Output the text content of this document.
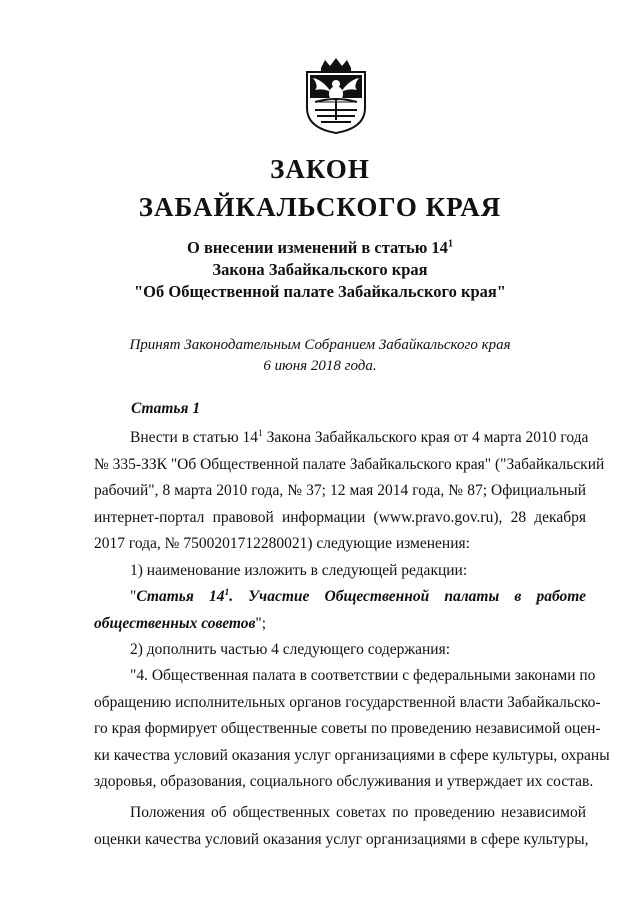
ЗАКОН
ЗАБАЙКАЛЬСКОГО КРАЯ
О внесении изменений в статью $14^1$
Закона Забайкальского края
"Об Общественной палате Забайкальского края"
Принят Законодательным Собранием Забайкальского края
6 июня 2018 года.
Статья 1
Внести в статью $14^1$ Закона Забайкальского края от 4 марта 2010 года
№ 335-ЗЗК "Об Общественной палате Забайкальского края" ("Забайкальский
рабочий", 8 марта 2010 года, № 37; 12 мая 2014 года, № 87; Официальный
интернет-портал правовой информации (www.pravo.gov.ru), 28 декабря
2017 года, № 7500201712280021) следующие изменения:
1) наименование изложить в следующей редакции:
"Статья $14^1$. Участие Общественной палаты в работе
общественных советов";
2) дополнить частью 4 следующего содержания:
"4. Общественная палата в соответствии с федеральными законами по
обращению исполнительных органов государственной власти Забайкальско-
го края формирует общественные советы по проведению независимой оцен-
ки качества условий оказания услуг организациями в сфере культуры, охраны
здоровья, образования, социального обслуживания и утверждает их состав.
Положения об общественных советах по проведению независимой
оценки качества условий оказания услуг организациями в сфере культуры,
